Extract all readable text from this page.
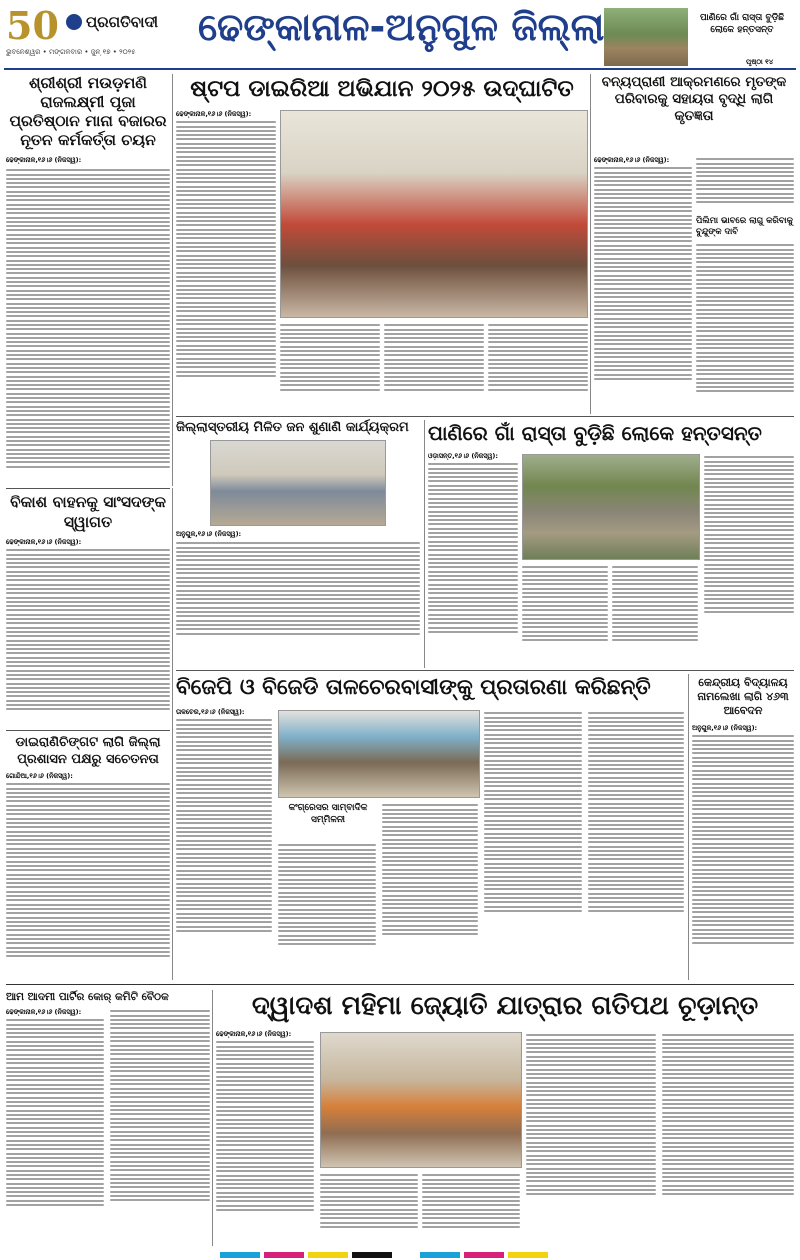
50 ପ୍ରଗତିବାଦୀ
ଭୁବନେଶ୍ୱର • ମଙ୍ଗଳବାର • ଜୁନ୍ ୧୭ • ୨୦୨୫
ଢେଙ୍କାନାଳ-ଅନୁଗୁଳ ଜିଲ୍ଲା	ପାଣିରେ ଗାଁ ରାସ୍ତା ବୁଡ଼ିଛି ଲୋକେ ହନ୍ତସନ୍ତ
ପୃଷ୍ଠା ୧୪
ଶ୍ରୀଶ୍ରୀ ମଉଡ଼ମଣି ରାଜଲକ୍ଷ୍ମୀ ପୂଜା ପ୍ରତିଷ୍ଠାନ ମାନା ବଜାରର ନୂତନ କର୍ମକର୍ତ୍ତା ଚୟନ
ଢେଙ୍କାନାଳ,୧୬।୬ (ନିଜସ୍ୱ):
ଷ୍ଟପ ଡାଇରିଆ ଅଭିଯାନ ୨୦୨୫ ଉଦ୍‌ଘାଟିତ
ଢେଙ୍କାନାଳ,୧୬।୬ (ନିଜସ୍ୱ):
ବନ୍ୟପ୍ରାଣୀ ଆକ୍ରମଣରେ ମୃତଙ୍କ ପରିବାରକୁ ସହାୟତା ବୃଦ୍ଧି ଲାଗି କୃତଜ୍ଞତା
ଢେଙ୍କାନାଳ,୧୬।୬ (ନିଜସ୍ୱ):
ପିଲିମା ଭାବରେ ଲାଗୁ କରିବାକୁ ବୁନ୍ଦୁଙ୍କ ଦାବି
ଜିଲ୍ଲାସ୍ତରୀୟ ମିଳିତ ଜନ ଶୁଣାଣି କାର୍ଯ୍ୟକ୍ରମ
ଅନୁଗୁଳ,୧୬।୬ (ନିଜସ୍ୱ):
ପାଣିରେ ଗାଁ ରାସ୍ତା ବୁଡ଼ିଛି ଲୋକେ ହନ୍ତସନ୍ତ
ଓଡ଼ାସନ୍ତ,୧୬।୬ (ନିଜସ୍ୱ):
ବିକାଶ ବାହନକୁ ସାଂସଦଙ୍କ ସ୍ୱାଗତ
ଢେଙ୍କାନାଳ,୧୬।୬ (ନିଜସ୍ୱ):
ଡାଇରାଣିଚିଙ୍ଗଟ ଲାଗି ଜିଲ୍ଲା ପ୍ରଶାସନ ପକ୍ଷରୁ ସଚେତନତା
ଗୋନ୍ଦିଆ,୧୬।୬ (ନିଜସ୍ୱ):
ବିଜେପି ଓ ବିଜେଡି ତାଳଚେରବାସୀଙ୍କୁ ପ୍ରତାରଣା କରିଛନ୍ତି
ତାଳଚେର,୧୬।୬ (ନିଜସ୍ୱ):
କଂଗ୍ରେସର ସାମ୍ବାଦିକ ସମ୍ମିଳନୀ
କେନ୍ଦ୍ରୀୟ ବିଦ୍ୟାଳୟ ନାମଲେଖା ଲାଗି ୪୬୩ ଆବେଦନ
ଅନୁଗୁଳ,୧୬।୬ (ନିଜସ୍ୱ):
ଆମ ଆଦମୀ ପାର୍ଟିର କୋର୍ କମିଟି ବୈଠକ
ଢେଙ୍କାନାଳ,୧୬।୬ (ନିଜସ୍ୱ):	ଦ୍ୱାଦଶ ମହିମା ଜ୍ୟୋତି ଯାତ୍ରାର ଗତିପଥ ଚୂଡ଼ାନ୍ତ
ଢେଙ୍କାନାଳ,୧୬।୬ (ନିଜସ୍ୱ):
